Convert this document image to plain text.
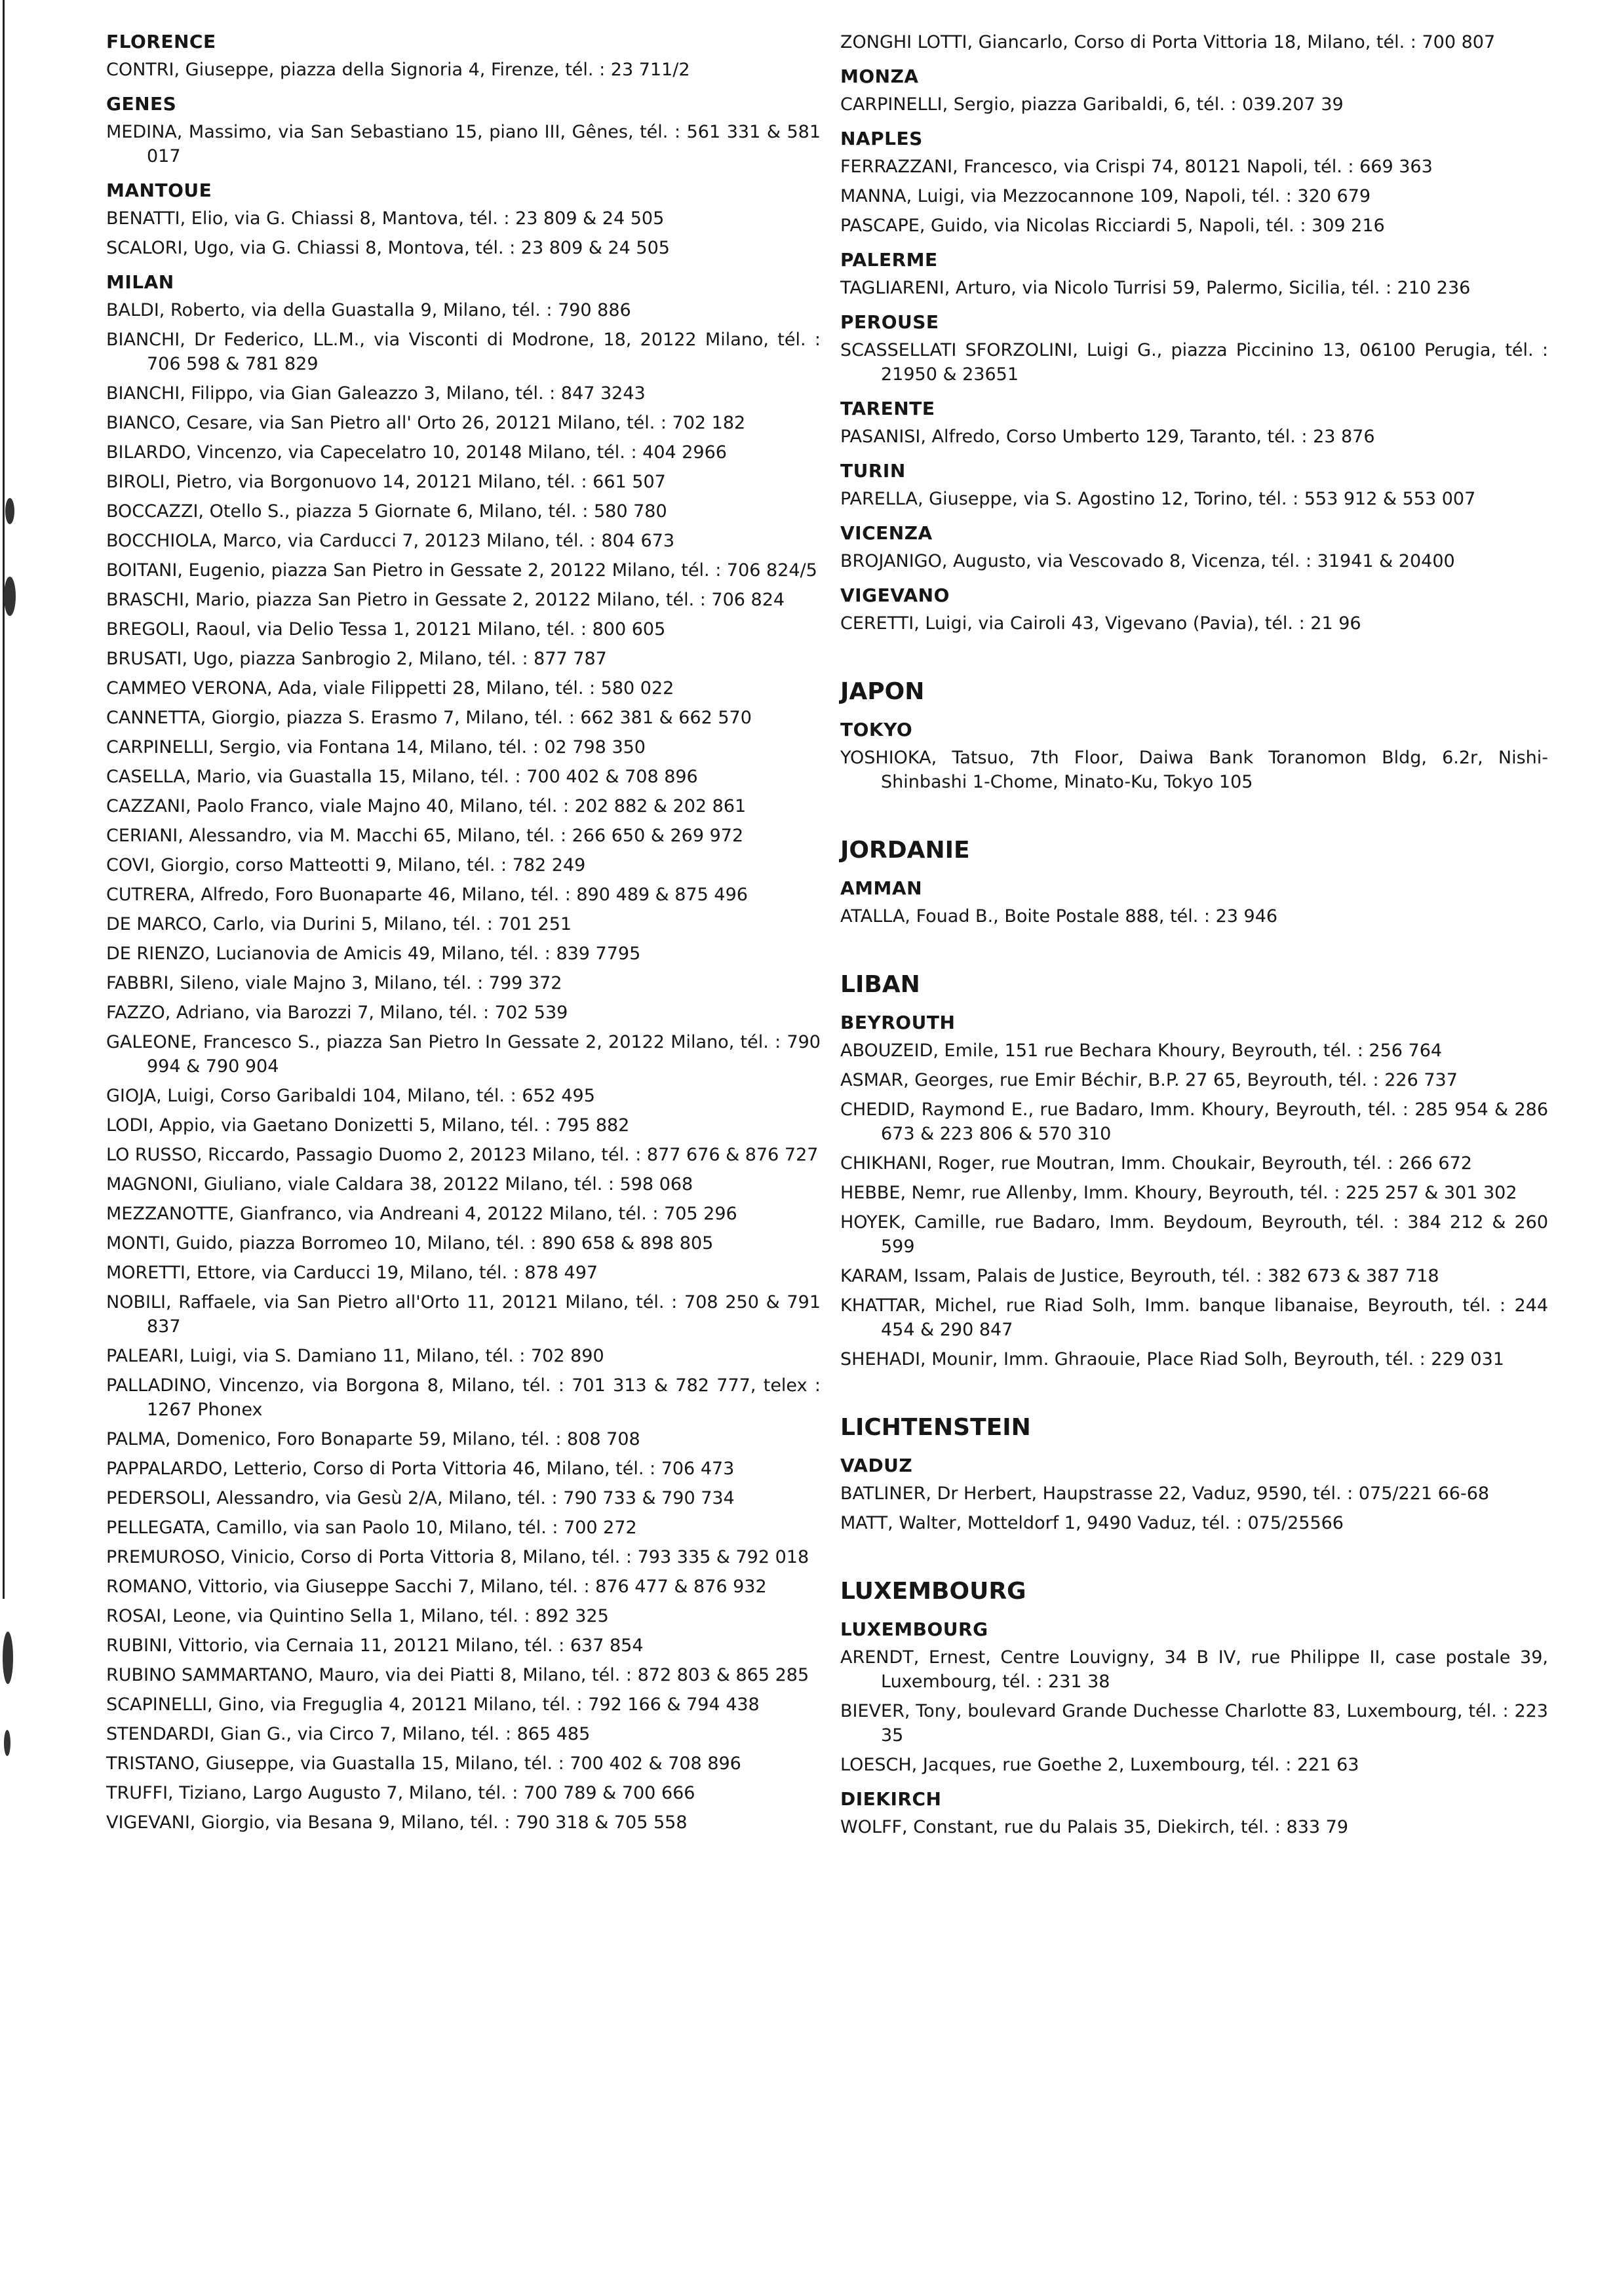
FLORENCE
CONTRI, Giuseppe, piazza della Signoria 4, Firenze, tél. : 23 711/2
GENES
MEDINA, Massimo, via San Sebastiano 15, piano III, Gênes, tél. : 561 331 & 581 017
MANTOUE
BENATTI, Elio, via G. Chiassi 8, Mantova, tél. : 23 809 & 24 505
SCALORI, Ugo, via G. Chiassi 8, Montova, tél. : 23 809 & 24 505
MILAN
BALDI, Roberto, via della Guastalla 9, Milano, tél. : 790 886
BIANCHI, Dr Federico, LL.M., via Visconti di Modrone, 18, 20122 Milano, tél. : 706 598 & 781 829
BIANCHI, Filippo, via Gian Galeazzo 3, Milano, tél. : 847 3243
BIANCO, Cesare, via San Pietro all' Orto 26, 20121 Milano, tél. : 702 182
BILARDO, Vincenzo, via Capecelatro 10, 20148 Milano, tél. : 404 2966
BIROLI, Pietro, via Borgonuovo 14, 20121 Milano, tél. : 661 507
BOCCAZZI, Otello S., piazza 5 Giornate 6, Milano, tél. : 580 780
BOCCHIOLA, Marco, via Carducci 7, 20123 Milano, tél. : 804 673
BOITANI, Eugenio, piazza San Pietro in Gessate 2, 20122 Milano, tél. : 706 824/5
BRASCHI, Mario, piazza San Pietro in Gessate 2, 20122 Milano, tél. : 706 824
BREGOLI, Raoul, via Delio Tessa 1, 20121 Milano, tél. : 800 605
BRUSATI, Ugo, piazza Sanbrogio 2, Milano, tél. : 877 787
CAMMEO VERONA, Ada, viale Filippetti 28, Milano, tél. : 580 022
CANNETTA, Giorgio, piazza S. Erasmo 7, Milano, tél. : 662 381 & 662 570
CARPINELLI, Sergio, via Fontana 14, Milano, tél. : 02 798 350
CASELLA, Mario, via Guastalla 15, Milano, tél. : 700 402 & 708 896
CAZZANI, Paolo Franco, viale Majno 40, Milano, tél. : 202 882 & 202 861
CERIANI, Alessandro, via M. Macchi 65, Milano, tél. : 266 650 & 269 972
COVI, Giorgio, corso Matteotti 9, Milano, tél. : 782 249
CUTRERA, Alfredo, Foro Buonaparte 46, Milano, tél. : 890 489 & 875 496
DE MARCO, Carlo, via Durini 5, Milano, tél. : 701 251
DE RIENZO, Lucianovia de Amicis 49, Milano, tél. : 839 7795
FABBRI, Sileno, viale Majno 3, Milano, tél. : 799 372
FAZZO, Adriano, via Barozzi 7, Milano, tél. : 702 539
GALEONE, Francesco S., piazza San Pietro In Gessate 2, 20122 Milano, tél. : 790 994 & 790 904
GIOJA, Luigi, Corso Garibaldi 104, Milano, tél. : 652 495
LODI, Appio, via Gaetano Donizetti 5, Milano, tél. : 795 882
LO RUSSO, Riccardo, Passagio Duomo 2, 20123 Milano, tél. : 877 676 & 876 727
MAGNONI, Giuliano, viale Caldara 38, 20122 Milano, tél. : 598 068
MEZZANOTTE, Gianfranco, via Andreani 4, 20122 Milano, tél. : 705 296
MONTI, Guido, piazza Borromeo 10, Milano, tél. : 890 658 & 898 805
MORETTI, Ettore, via Carducci 19, Milano, tél. : 878 497
NOBILI, Raffaele, via San Pietro all'Orto 11, 20121 Milano, tél. : 708 250 & 791 837
PALEARI, Luigi, via S. Damiano 11, Milano, tél. : 702 890
PALLADINO, Vincenzo, via Borgona 8, Milano, tél. : 701 313 & 782 777, telex : 1267 Phonex
PALMA, Domenico, Foro Bonaparte 59, Milano, tél. : 808 708
PAPPALARDO, Letterio, Corso di Porta Vittoria 46, Milano, tél. : 706 473
PEDERSOLI, Alessandro, via Gesù 2/A, Milano, tél. : 790 733 & 790 734
PELLEGATA, Camillo, via san Paolo 10, Milano, tél. : 700 272
PREMUROSO, Vinicio, Corso di Porta Vittoria 8, Milano, tél. : 793 335 & 792 018
ROMANO, Vittorio, via Giuseppe Sacchi 7, Milano, tél. : 876 477 & 876 932
ROSAI, Leone, via Quintino Sella 1, Milano, tél. : 892 325
RUBINI, Vittorio, via Cernaia 11, 20121 Milano, tél. : 637 854
RUBINO SAMMARTANO, Mauro, via dei Piatti 8, Milano, tél. : 872 803 & 865 285
SCAPINELLI, Gino, via Freguglia 4, 20121 Milano, tél. : 792 166 & 794 438
STENDARDI, Gian G., via Circo 7, Milano, tél. : 865 485
TRISTANO, Giuseppe, via Guastalla 15, Milano, tél. : 700 402 & 708 896
TRUFFI, Tiziano, Largo Augusto 7, Milano, tél. : 700 789 & 700 666
VIGEVANI, Giorgio, via Besana 9, Milano, tél. : 790 318 & 705 558
ZONGHI LOTTI, Giancarlo, Corso di Porta Vittoria 18, Milano, tél. : 700 807
MONZA
CARPINELLI, Sergio, piazza Garibaldi, 6, tél. : 039.207 39
NAPLES
FERRAZZANI, Francesco, via Crispi 74, 80121 Napoli, tél. : 669 363
MANNA, Luigi, via Mezzocannone 109, Napoli, tél. : 320 679
PASCAPE, Guido, via Nicolas Ricciardi 5, Napoli, tél. : 309 216
PALERME
TAGLIARENI, Arturo, via Nicolo Turrisi 59, Palermo, Sicilia, tél. : 210 236
PEROUSE
SCASSELLATI SFORZOLINI, Luigi G., piazza Piccinino 13, 06100 Perugia, tél. : 21950 & 23651
TARENTE
PASANISI, Alfredo, Corso Umberto 129, Taranto, tél. : 23 876
TURIN
PARELLA, Giuseppe, via S. Agostino 12, Torino, tél. : 553 912 & 553 007
VICENZA
BROJANIGO, Augusto, via Vescovado 8, Vicenza, tél. : 31941 & 20400
VIGEVANO
CERETTI, Luigi, via Cairoli 43, Vigevano (Pavia), tél. : 21 96
JAPON
TOKYO
YOSHIOKA, Tatsuo, 7th Floor, Daiwa Bank Toranomon Bldg, 6.2r, Nishi-Shinbashi 1-Chome, Minato-Ku, Tokyo 105
JORDANIE
AMMAN
ATALLA, Fouad B., Boite Postale 888, tél. : 23 946
LIBAN
BEYROUTH
ABOUZEID, Emile, 151 rue Bechara Khoury, Beyrouth, tél. : 256 764
ASMAR, Georges, rue Emir Béchir, B.P. 27 65, Beyrouth, tél. : 226 737
CHEDID, Raymond E., rue Badaro, Imm. Khoury, Beyrouth, tél. : 285 954 & 286 673 & 223 806 & 570 310
CHIKHANI, Roger, rue Moutran, Imm. Choukair, Beyrouth, tél. : 266 672
HEBBE, Nemr, rue Allenby, Imm. Khoury, Beyrouth, tél. : 225 257 & 301 302
HOYEK, Camille, rue Badaro, Imm. Beydoum, Beyrouth, tél. : 384 212 & 260 599
KARAM, Issam, Palais de Justice, Beyrouth, tél. : 382 673 & 387 718
KHATTAR, Michel, rue Riad Solh, Imm. banque libanaise, Beyrouth, tél. : 244 454 & 290 847
SHEHADI, Mounir, Imm. Ghraouie, Place Riad Solh, Beyrouth, tél. : 229 031
LICHTENSTEIN
VADUZ
BATLINER, Dr Herbert, Haupstrasse 22, Vaduz, 9590, tél. : 075/221 66-68
MATT, Walter, Motteldorf 1, 9490 Vaduz, tél. : 075/25566
LUXEMBOURG
LUXEMBOURG
ARENDT, Ernest, Centre Louvigny, 34 B IV, rue Philippe II, case postale 39, Luxembourg, tél. : 231 38
BIEVER, Tony, boulevard Grande Duchesse Charlotte 83, Luxembourg, tél. : 223 35
LOESCH, Jacques, rue Goethe 2, Luxembourg, tél. : 221 63
DIEKIRCH
WOLFF, Constant, rue du Palais 35, Diekirch, tél. : 833 79
